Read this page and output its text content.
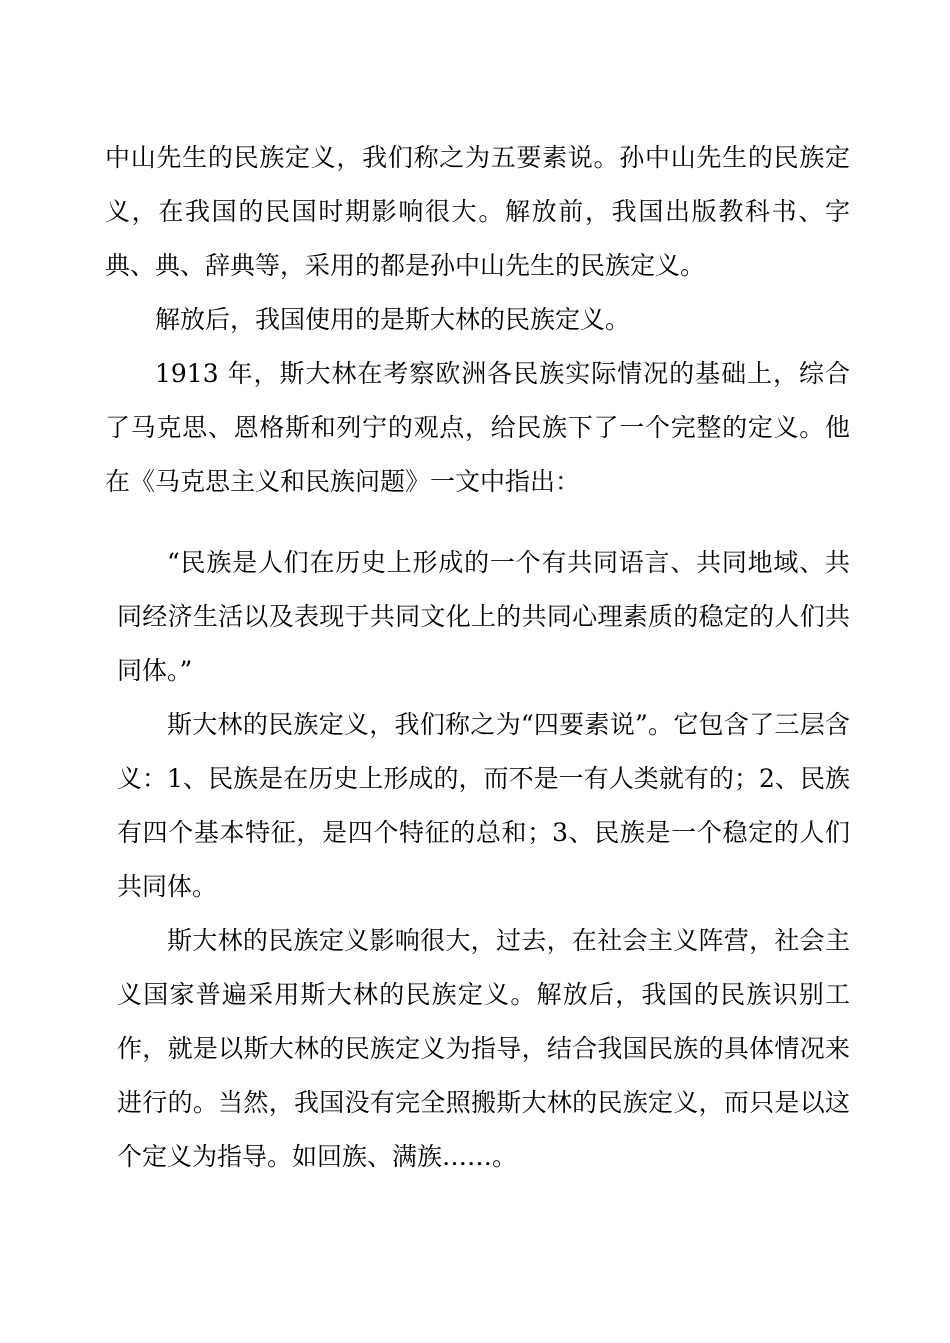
中山先生的民族定义，我们称之为五要素说。孙中山先生的民族定义，在我国的民国时期影响很大。解放前，我国出版教科书、字典、典、辞典等，采用的都是孙中山先生的民族定义。

解放后，我国使用的是斯大林的民族定义。

1913 年，斯大林在考察欧洲各民族实际情况的基础上，综合了马克思、恩格斯和列宁的观点，给民族下了一个完整的定义。他在《马克思主义和民族问题》一文中指出：

“民族是人们在历史上形成的一个有共同语言、共同地域、共同经济生活以及表现于共同文化上的共同心理素质的稳定的人们共同体。”

斯大林的民族定义，我们称之为“四要素说”。它包含了三层含义：1、民族是在历史上形成的，而不是一有人类就有的；2、民族有四个基本特征，是四个特征的总和；3、民族是一个稳定的人们共同体。

斯大林的民族定义影响很大，过去，在社会主义阵营，社会主义国家普遍采用斯大林的民族定义。解放后，我国的民族识别工作，就是以斯大林的民族定义为指导，结合我国民族的具体情况来进行的。当然，我国没有完全照搬斯大林的民族定义，而只是以这个定义为指导。如回族、满族……。
